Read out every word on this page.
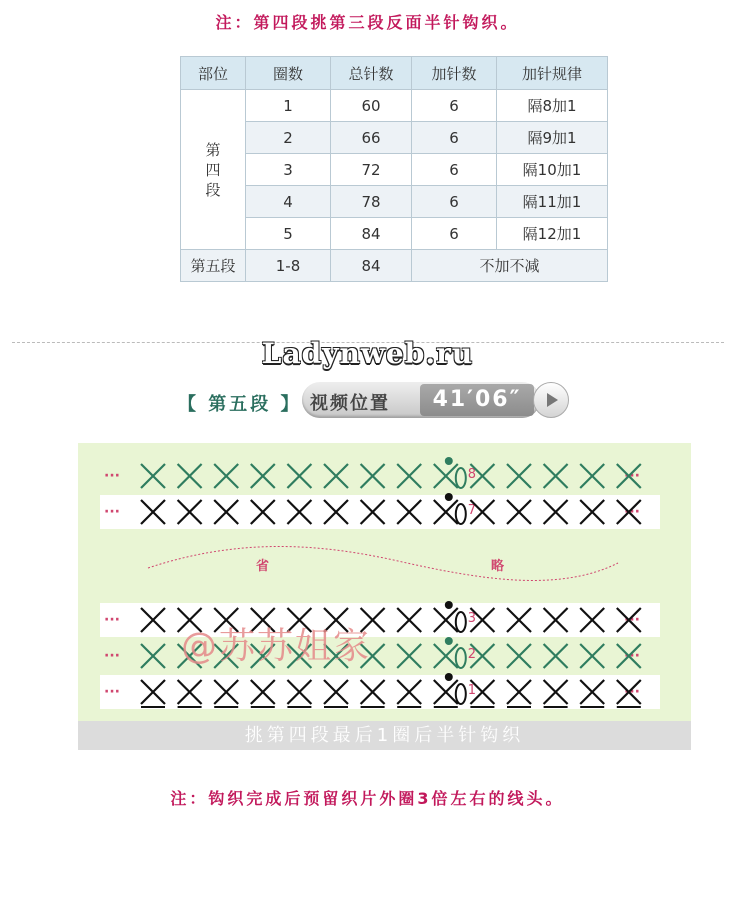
注：第四段挑第三段反面半针钩织。
部位	圈数	总针数	加针数	加针规律

第四段	1	60	6	隔8加1
	2	66	6	隔9加1
	3	72	6	隔10加1
	4	78	6	隔11加1
	5	84	6	隔12加1
第五段	1-8	84	不加不减	
Ladynweb.ru
【 第五段 】 视频位置	41′06″
···	···
8
···	···
7
···	···
3
···	···
2
···	···
1
省	略
@苏苏姐家
挑第四段最后1圈后半针钩织
注：钩织完成后预留织片外圈3倍左右的线头。
